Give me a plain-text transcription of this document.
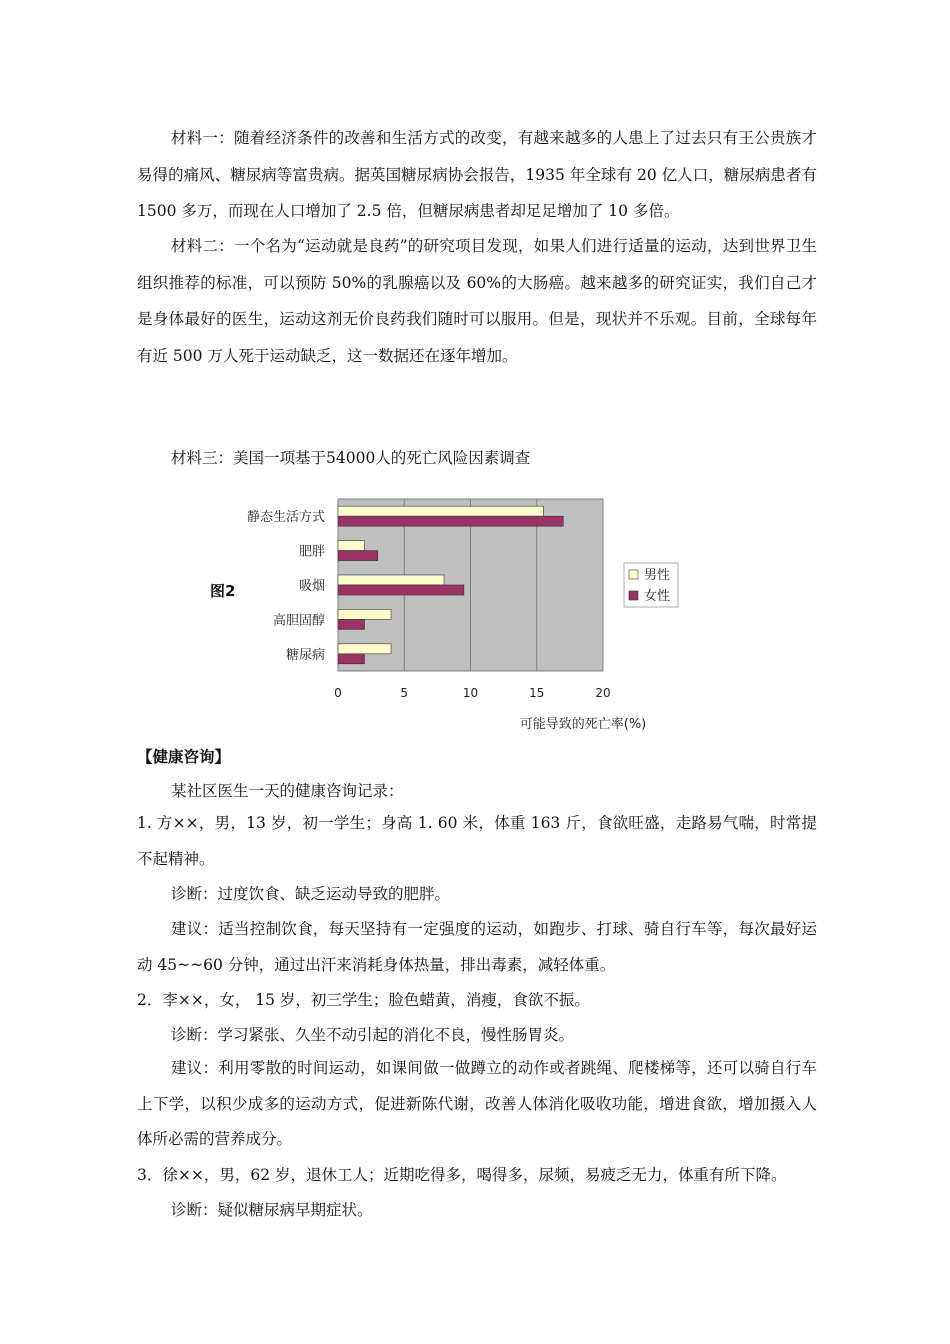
材料一：随着经济条件的改善和生活方式的改变，有越来越多的人患上了过去只有王公贵族才易得的痛风、糖尿病等富贵病。据英国糖尿病协会报告，1935 年全球有 20 亿人口，糖尿病患者有 1500 多万，而现在人口增加了 2.5 倍，但糖尿病患者却足足增加了 10 多倍。

材料二：一个名为“运动就是良药”的研究项目发现，如果人们进行适量的运动，达到世界卫生组织推荐的标准，可以预防 50%的乳腺癌以及 60%的大肠癌。越来越多的研究证实，我们自己才是身体最好的医生，运动这剂无价良药我们随时可以服用。但是，现状并不乐观。目前，全球每年有近 500 万人死于运动缺乏，这一数据还在逐年增加。

材料三：美国一项基于54000人的死亡风险因素调查
图2
0	5	10	15	20
静态生活方式
肥胖
吸烟
高胆固醇
糖尿病
男性
女性
可能导致的死亡率(%)
【健康咨询】
某社区医生一天的健康咨询记录：

1. 方××，男，13 岁，初一学生；身高 1. 60 米，体重 163 斤，食欲旺盛，走路易气喘，时常提不起精神。

诊断：过度饮食、缺乏运动导致的肥胖。

建议：适当控制饮食，每天坚持有一定强度的运动，如跑步、打球、骑自行车等，每次最好运动 45~~60 分钟，通过出汗来消耗身体热量，排出毒素，减轻体重。

2．李××，女， 15 岁，初三学生；脸色蜡黄，消瘦，食欲不振。

诊断：学习紧张、久坐不动引起的消化不良，慢性肠胃炎。

建议：利用零散的时间运动，如课间做一做蹲立的动作或者跳绳、爬楼梯等，还可以骑自行车上下学，以积少成多的运动方式，促进新陈代谢，改善人体消化吸收功能，增进食欲，增加摄入人体所必需的营养成分。

3．徐××，男，62 岁，退休工人；近期吃得多，喝得多，尿频，易疲乏无力，体重有所下降。

诊断：疑似糖尿病早期症状。
